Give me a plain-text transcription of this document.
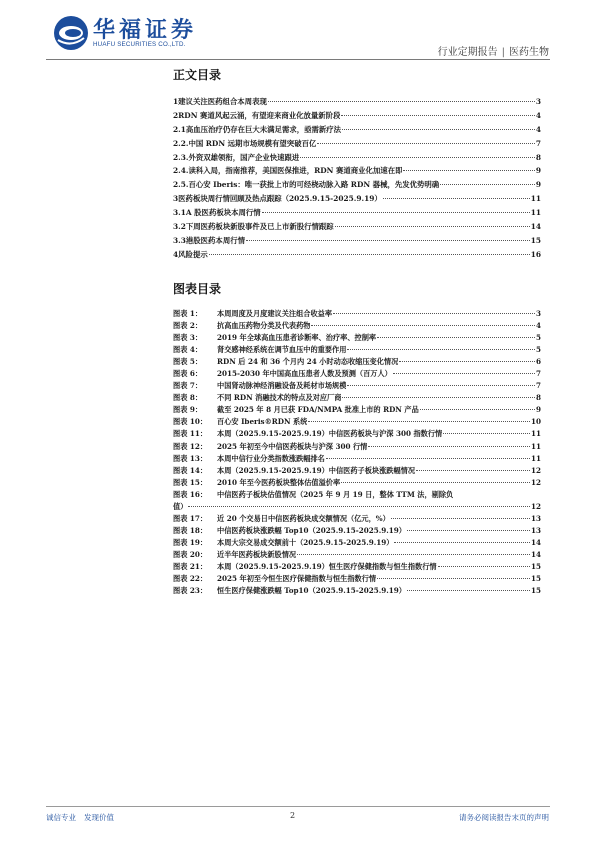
华福证券
HUAFU SECURITIES CO.,LTD.
行业定期报告 | 医药生物
正文目录
1 建议关注医药组合本周表现	3
2 RDN 赛道风起云涌，有望迎来商业化放量新阶段	4
2.1 高血压治疗仍存在巨大未满足需求，亟需新疗法	4
2.2. 中国 RDN 远期市场规模有望突破百亿	7
2.3. 外资双雄领衔，国产企业快速跟进	8
2.4. 读科入局，指南推荐，美国医保推进，RDN 赛道商业化加速在即	9
2.5. 百心安 Iberis：唯一获批上市的可经桡动脉入路 RDN 器械，先发优势明确	9
3 医药板块周行情回顾及热点跟踪（2025.9.15-2025.9.19）	11
3.1 A 股医药板块本周行情	11
3.2 下周医药板块新股事件及已上市新股行情跟踪	14
3.3 港股医药本周行情	15
4 风险提示	16
图表目录
图表 1：	本周周度及月度建议关注组合收益率	3
图表 2：	抗高血压药物分类及代表药物	4
图表 3：	2019 年全球高血压患者诊断率、治疗率、控制率	5
图表 4：	肾交感神经系统在调节血压中的重要作用	5
图表 5：	RDN 后 24 和 36 个月内 24 小时动态收缩压变化情况	6
图表 6：	2015-2030 年中国高血压患者人数及预测（百万人）	7
图表 7：	中国肾动脉神经消融设备及耗材市场规模	7
图表 8：	不同 RDN 消融技术的特点及对应厂商	8
图表 9：	截至 2025 年 8 月已获 FDA/NMPA 批准上市的 RDN 产品	9
图表 10：	百心安 Iberis®RDN 系统	10
图表 11：	本周（2025.9.15-2025.9.19）中信医药板块与沪深 300 指数行情	11
图表 12：	2025 年初至今中信医药板块与沪深 300 行情	11
图表 13：	本周中信行业分类指数涨跌幅排名	11
图表 14：	本周（2025.9.15-2025.9.19）中信医药子板块涨跌幅情况	12
图表 15：	2010 年至今医药板块整体估值溢价率	12
图表 16：	中信医药子板块估值情况（2025 年 9 月 19 日，整体 TTM 法，剔除负
值）	12
图表 17：	近 20 个交易日中信医药板块成交额情况（亿元，%）	13
图表 18：	中信医药板块涨跌幅 Top10（2025.9.15-2025.9.19）	13
图表 19：	本周大宗交易成交额前十（2025.9.15-2025.9.19）	14
图表 20：	近半年医药板块新股情况	14
图表 21：	本周（2025.9.15-2025.9.19）恒生医疗保健指数与恒生指数行情	15
图表 22：	2025 年初至今恒生医疗保健指数与恒生指数行情	15
图表 23：	恒生医疗保健涨跌幅 Top10（2025.9.15-2025.9.19）	15
诚信专业 发现价值	2	请务必阅读报告末页的声明
